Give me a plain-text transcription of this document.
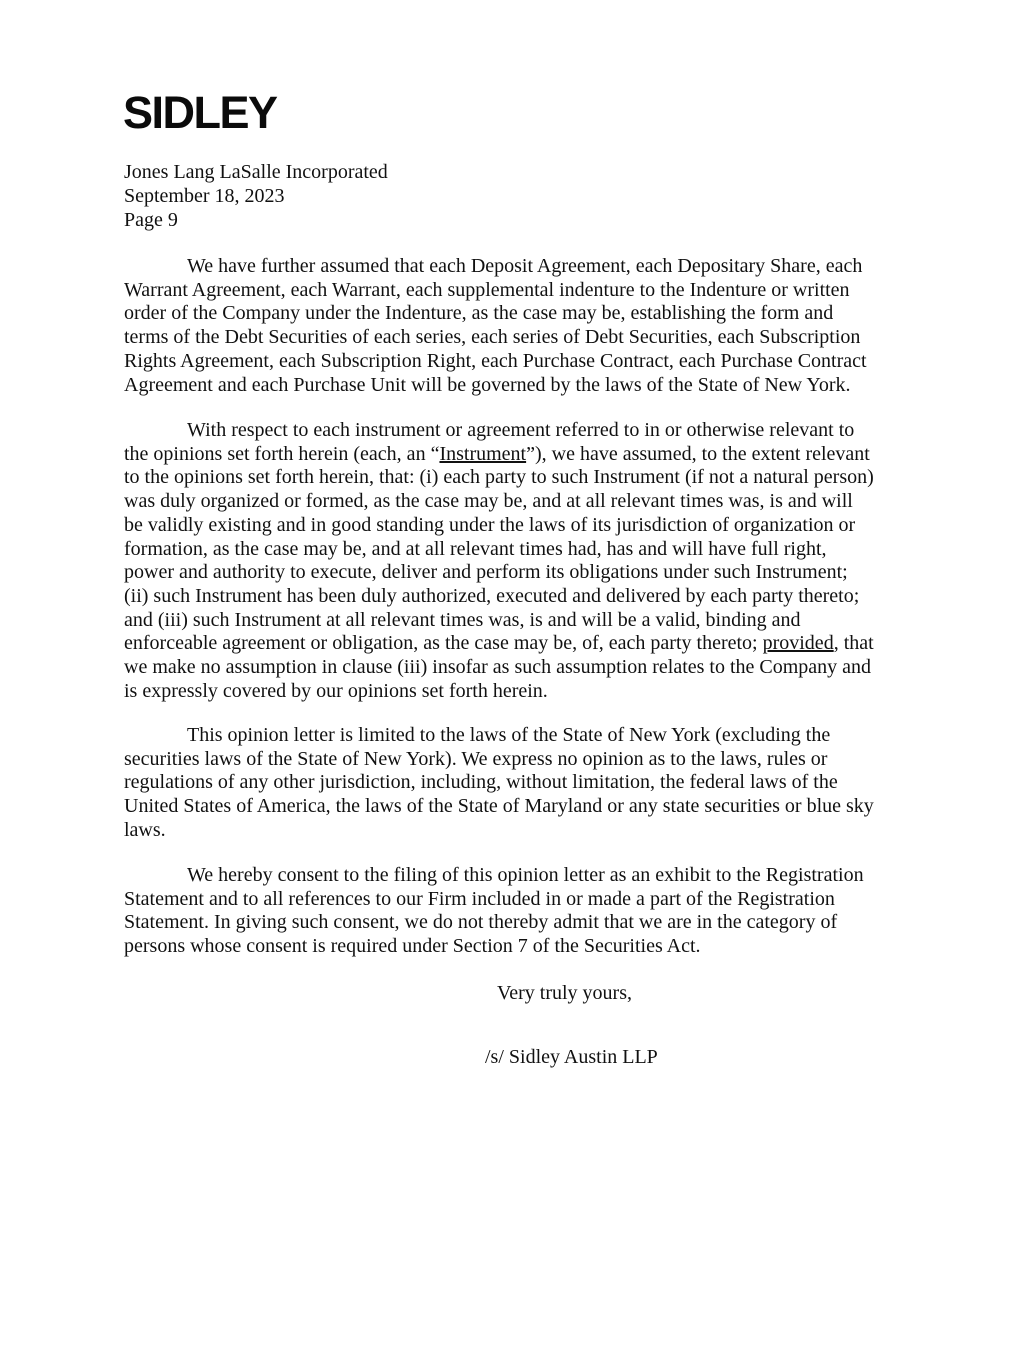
SIDLEY
Jones Lang LaSalle Incorporated
September 18, 2023
Page 9
We have further assumed that each Deposit Agreement, each Depositary Share, each
Warrant Agreement, each Warrant, each supplemental indenture to the Indenture or written
order of the Company under the Indenture, as the case may be, establishing the form and
terms of the Debt Securities of each series, each series of Debt Securities, each Subscription
Rights Agreement, each Subscription Right, each Purchase Contract, each Purchase Contract
Agreement and each Purchase Unit will be governed by the laws of the State of New York.
With respect to each instrument or agreement referred to in or otherwise relevant to
the opinions set forth herein (each, an “Instrument”), we have assumed, to the extent relevant
to the opinions set forth herein, that: (i) each party to such Instrument (if not a natural person)
was duly organized or formed, as the case may be, and at all relevant times was, is and will
be validly existing and in good standing under the laws of its jurisdiction of organization or
formation, as the case may be, and at all relevant times had, has and will have full right,
power and authority to execute, deliver and perform its obligations under such Instrument;
(ii) such Instrument has been duly authorized, executed and delivered by each party thereto;
and (iii) such Instrument at all relevant times was, is and will be a valid, binding and
enforceable agreement or obligation, as the case may be, of, each party thereto; provided, that
we make no assumption in clause (iii) insofar as such assumption relates to the Company and
is expressly covered by our opinions set forth herein.
This opinion letter is limited to the laws of the State of New York (excluding the
securities laws of the State of New York). We express no opinion as to the laws, rules or
regulations of any other jurisdiction, including, without limitation, the federal laws of the
United States of America, the laws of the State of Maryland or any state securities or blue sky
laws.
We hereby consent to the filing of this opinion letter as an exhibit to the Registration
Statement and to all references to our Firm included in or made a part of the Registration
Statement. In giving such consent, we do not thereby admit that we are in the category of
persons whose consent is required under Section 7 of the Securities Act.
Very truly yours,
/s/ Sidley Austin LLP
